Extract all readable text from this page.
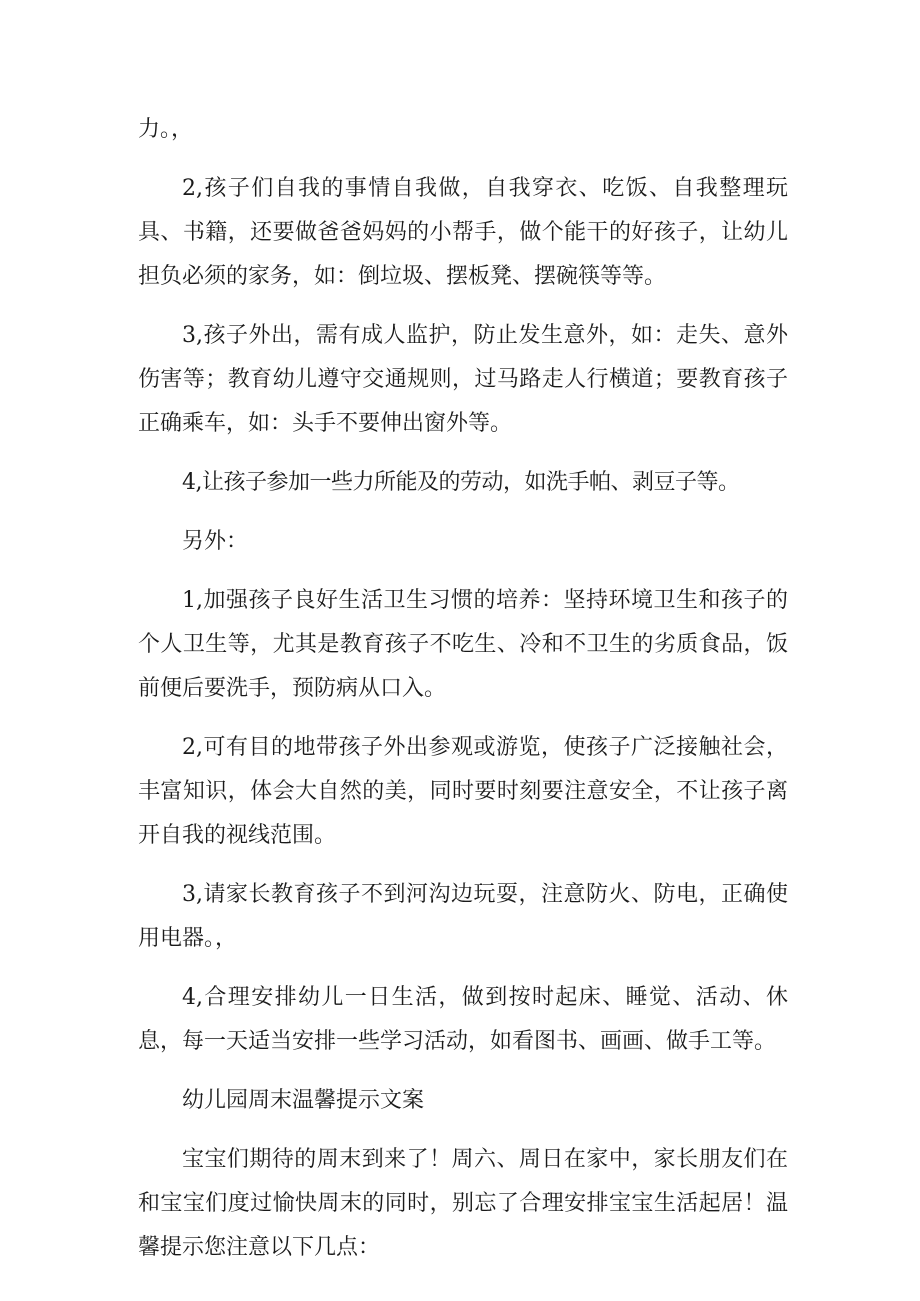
力。，

2,孩子们自我的事情自我做，自我穿衣、吃饭、自我整理玩具、书籍，还要做爸爸妈妈的小帮手，做个能干的好孩子，让幼儿担负必须的家务，如：倒垃圾、摆板凳、摆碗筷等等。

3,孩子外出，需有成人监护，防止发生意外，如：走失、意外伤害等；教育幼儿遵守交通规则，过马路走人行横道；要教育孩子正确乘车，如：头手不要伸出窗外等。

4,让孩子参加一些力所能及的劳动，如洗手帕、剥豆子等。

另外：

1,加强孩子良好生活卫生习惯的培养：坚持环境卫生和孩子的个人卫生等，尤其是教育孩子不吃生、冷和不卫生的劣质食品，饭前便后要洗手，预防病从口入。

2,可有目的地带孩子外出参观或游览，使孩子广泛接触社会，丰富知识，体会大自然的美，同时要时刻要注意安全，不让孩子离开自我的视线范围。

3,请家长教育孩子不到河沟边玩耍，注意防火、防电，正确使用电器。，

4,合理安排幼儿一日生活，做到按时起床、睡觉、活动、休息，每一天适当安排一些学习活动，如看图书、画画、做手工等。

幼儿园周末温馨提示文案

宝宝们期待的周末到来了！周六、周日在家中，家长朋友们在和宝宝们度过愉快周末的同时，别忘了合理安排宝宝生活起居！温馨提示您注意以下几点：
